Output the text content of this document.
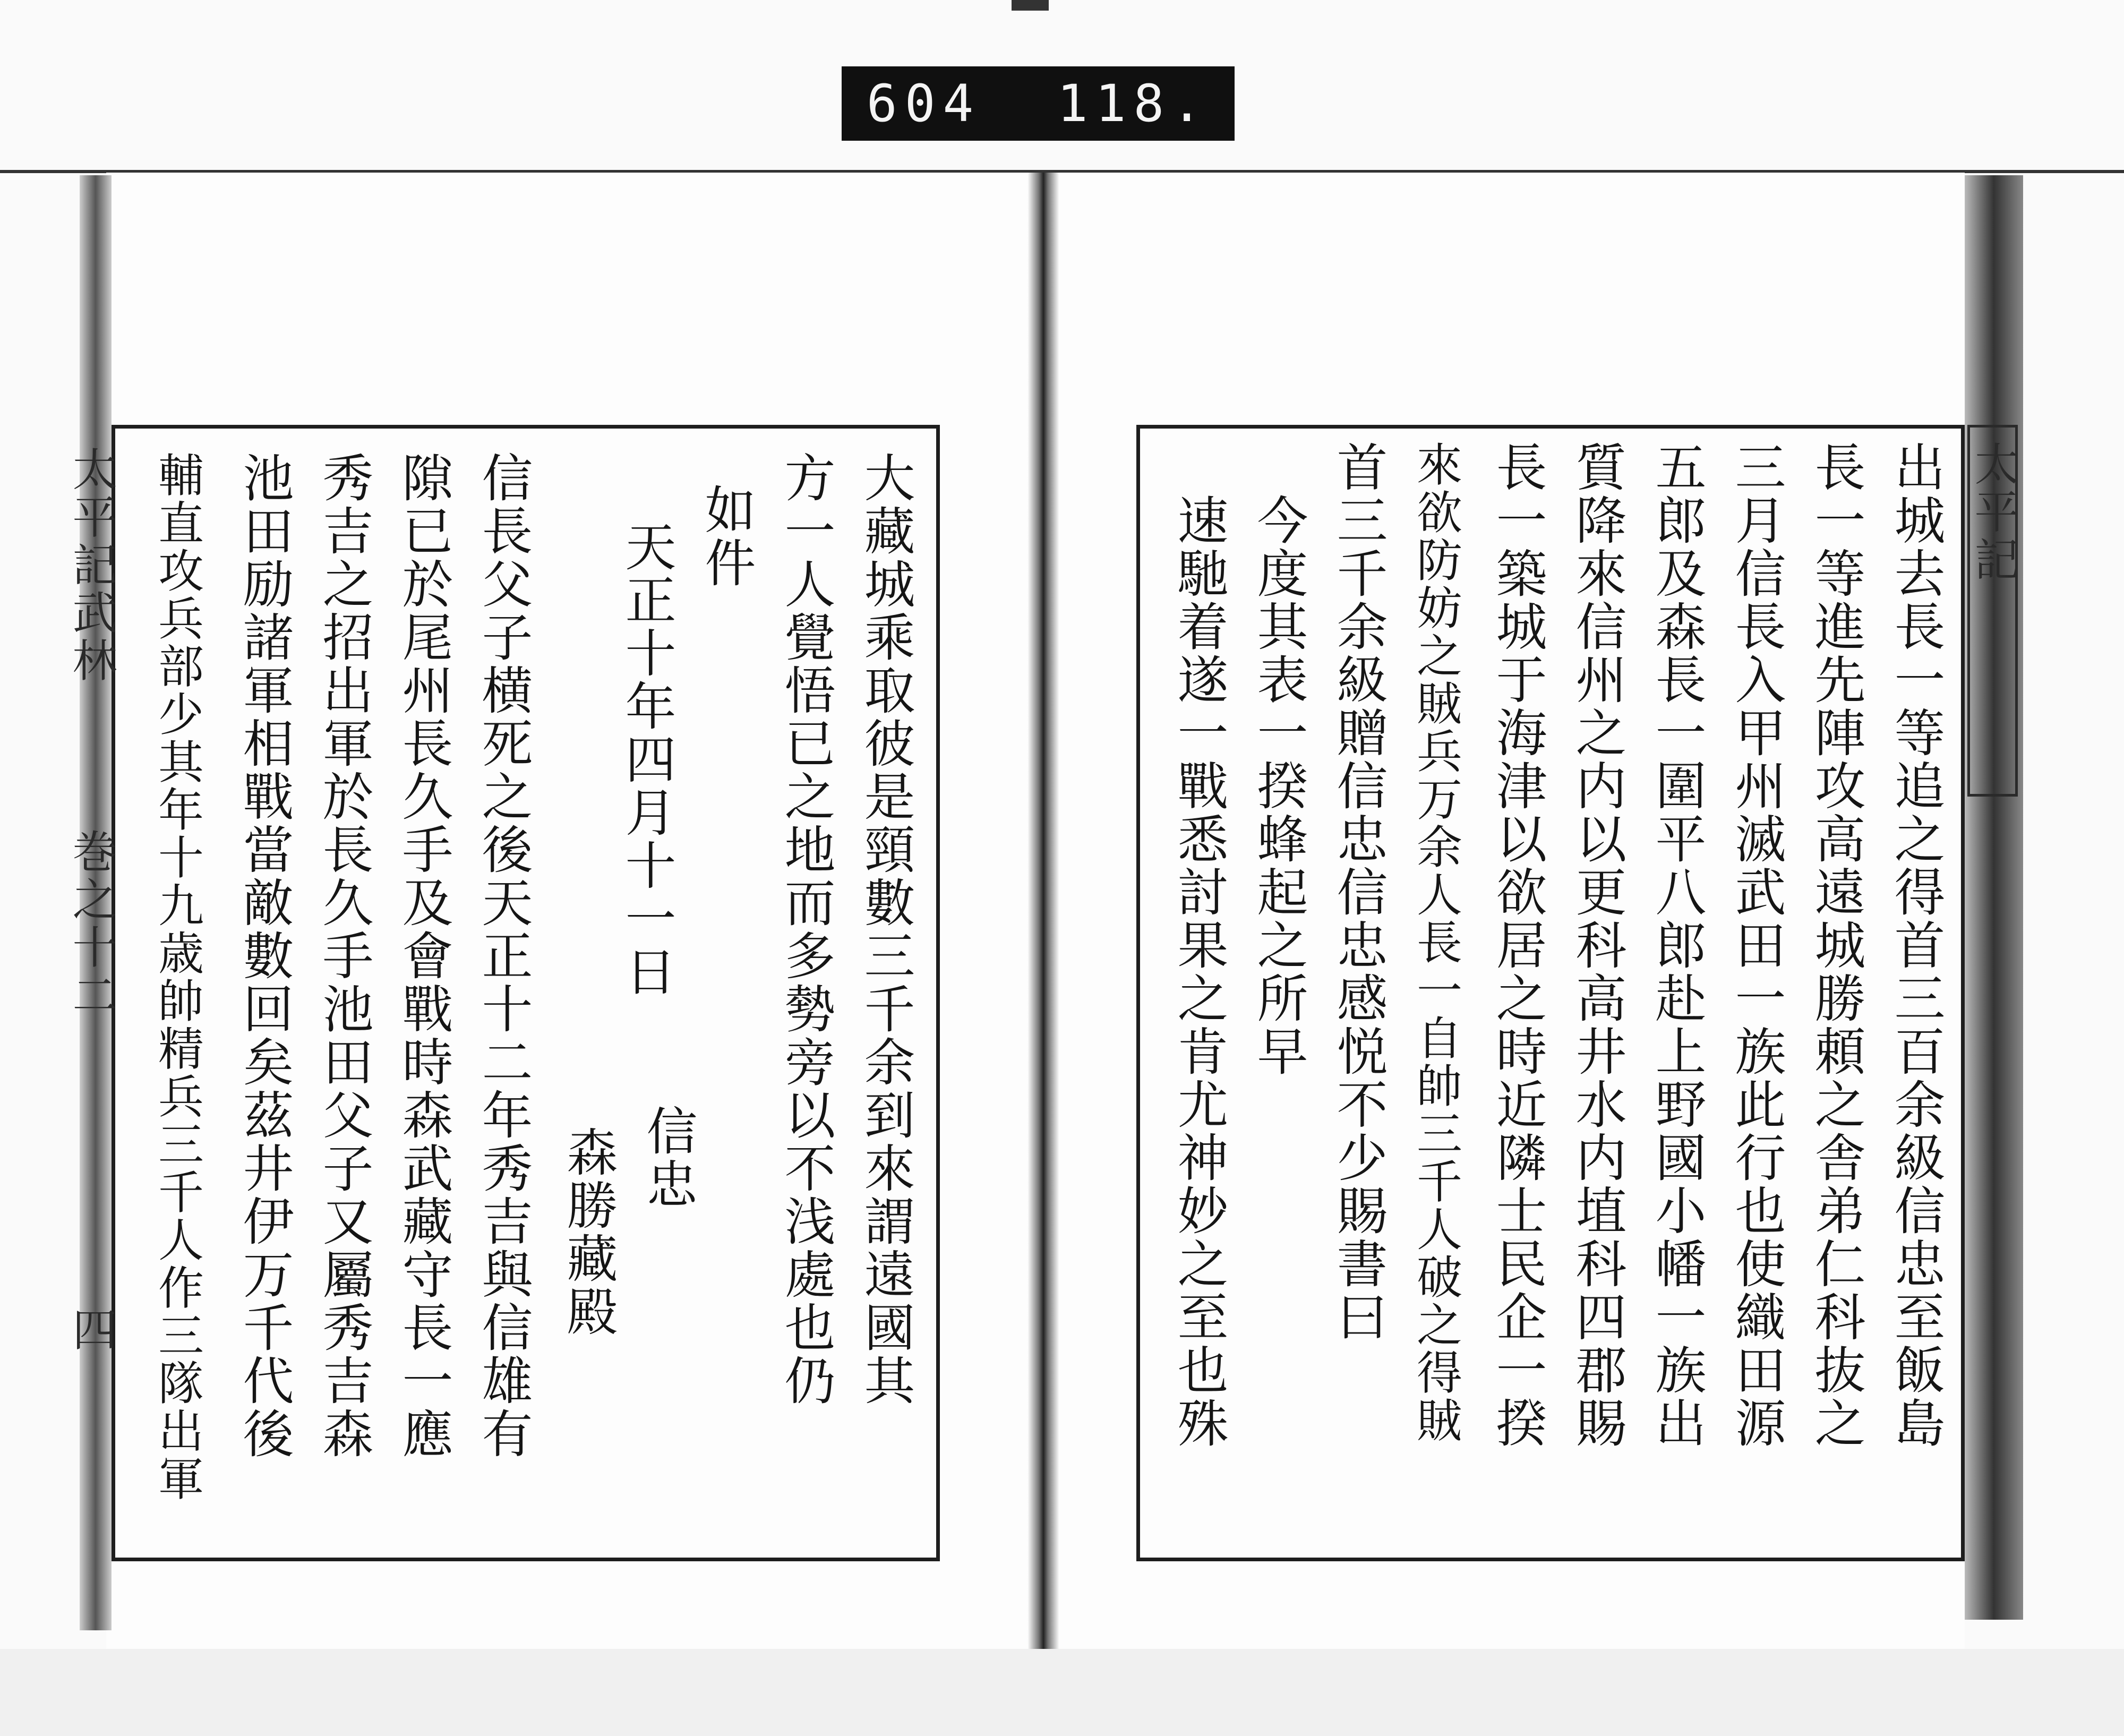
604  118.
太平記
出城去長一等追之得首三百余級信忠至飯島
長一等進先陣攻高遠城勝頼之舎弟仁科抜之
三月信長入甲州滅武田一族此行也使織田源
五郎及森長一圍平八郎赴上野國小幡一族出
質降來信州之内以更科高井水内埴科四郡賜
長一築城于海津以欲居之時近隣士民企一揆
來欲防妨之賊兵万余人長一自帥三千人破之得賊
首三千余級贈信忠信忠感悦不少賜書曰
今度其表一揆蜂起之所早
速馳着遂一戰悉討果之肯尤神妙之至也殊
太平記武林
巻之十二
四	大藏城乘取彼是頸數三千余到來謂遠國其
方一人覺悟已之地而多勢旁以不浅處也仍
如件
天正十年四月十一日
信忠
森勝藏殿
信長父子横死之後天正十二年秀吉與信雄有
隙已於尾州長久手及會戰時森武藏守長一應
秀吉之招出軍於長久手池田父子又屬秀吉森
池田励諸軍相戰當敵數回矣茲井伊万千代後
輔直攻兵部少其年十九歳帥精兵三千人作三隊出軍
